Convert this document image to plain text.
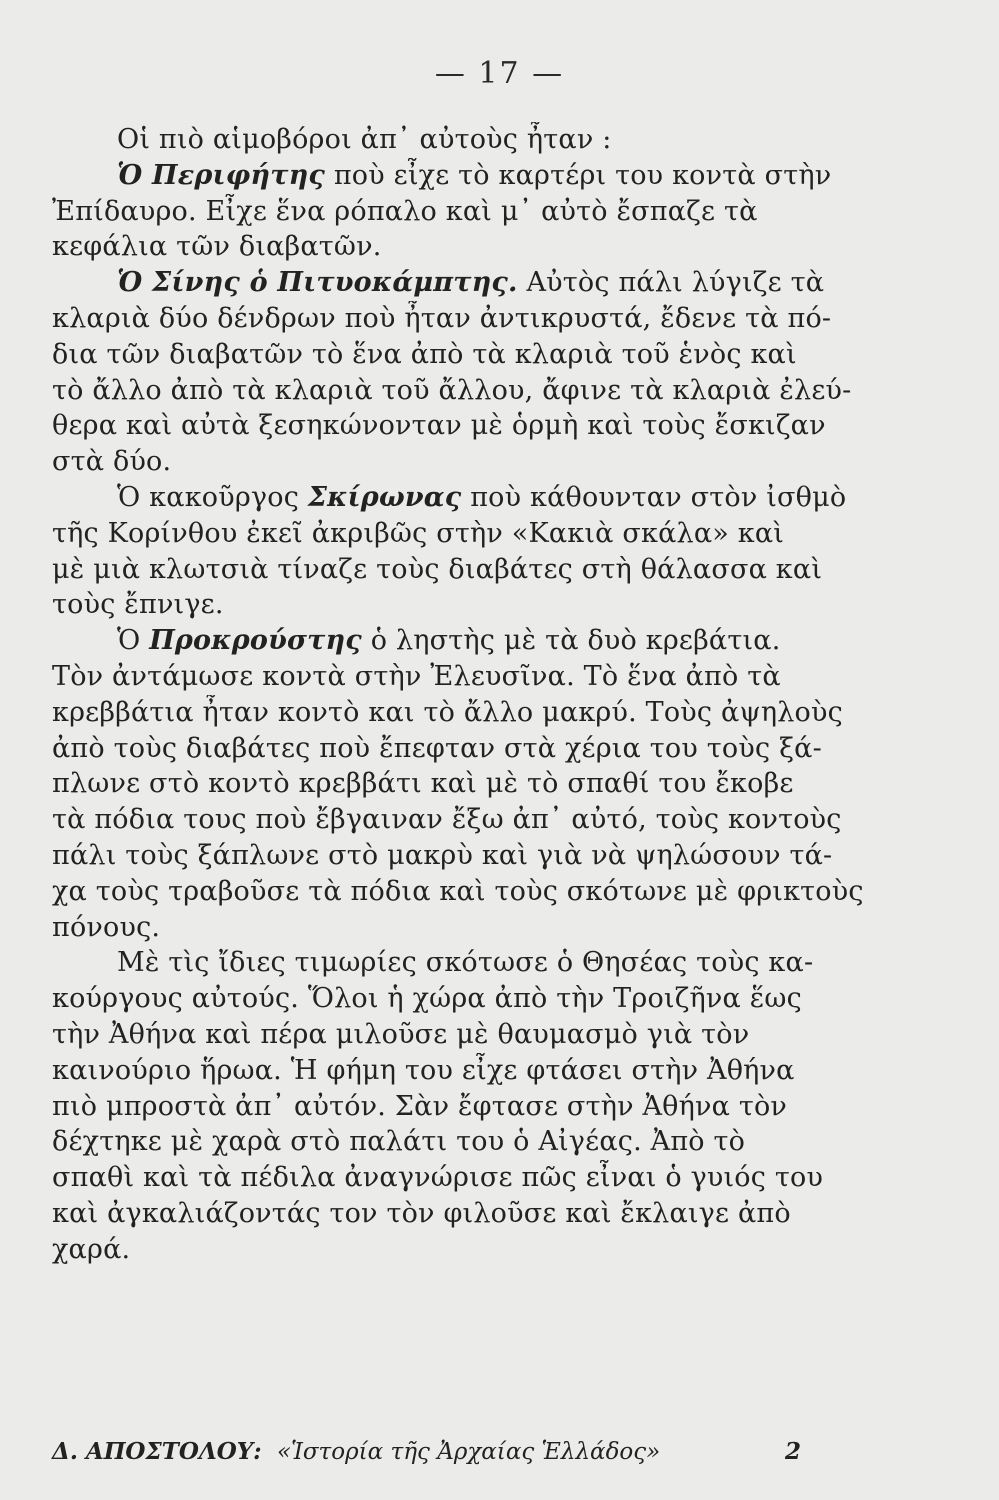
— 17 —
Οἱ πιὸ αἱμοβόροι ἀπ᾽ αὐτοὺς ἦταν :
Ὁ Περιφήτης ποὺ εἶχε τὸ καρτέρι του κοντὰ στὴν
Ἐπίδαυρο. Εἶχε ἕνα ρόπαλο καὶ μ᾽ αὐτὸ ἔσπαζε τὰ
κεφάλια τῶν διαβατῶν.
Ὁ Σίνης ὁ Πιτυοκάμπτης. Αὐτὸς πάλι λύγιζε τὰ
κλαριὰ δύο δένδρων ποὺ ἦταν ἀντικρυστά, ἔδενε τὰ πό-
δια τῶν διαβατῶν τὸ ἕνα ἀπὸ τὰ κλαριὰ τοῦ ἑνὸς καὶ
τὸ ἄλλο ἀπὸ τὰ κλαριὰ τοῦ ἄλλου, ἄφινε τὰ κλαριὰ ἐλεύ-
θερα καὶ αὐτὰ ξεσηκώνονταν μὲ ὁρμὴ καὶ τοὺς ἔσκιζαν
στὰ δύο.
Ὁ κακοῦργος Σκίρωνας ποὺ κάθουνταν στὸν ἰσθμὸ
τῆς Κορίνθου ἐκεῖ ἀκριβῶς στὴν «Κακιὰ σκάλα» καὶ
μὲ μιὰ κλωτσιὰ τίναζε τοὺς διαβάτες στὴ θάλασσα καὶ
τοὺς ἔπνιγε.
Ὁ Προκρούστης ὁ ληστὴς μὲ τὰ δυὸ κρεβάτια.
Τὸν ἀντάμωσε κοντὰ στὴν Ἐλευσῖνα. Τὸ ἕνα ἀπὸ τὰ
κρεββάτια ἦταν κοντὸ και τὸ ἄλλο μακρύ. Τοὺς ἀψηλοὺς
ἀπὸ τοὺς διαβάτες ποὺ ἔπεφταν στὰ χέρια του τοὺς ξά-
πλωνε στὸ κοντὸ κρεββάτι καὶ μὲ τὸ σπαθί του ἔκοβε
τὰ πόδια τους ποὺ ἔβγαιναν ἔξω ἀπ᾽ αὐτό, τοὺς κοντοὺς
πάλι τοὺς ξάπλωνε στὸ μακρὺ καὶ γιὰ νὰ ψηλώσουν τά-
χα τοὺς τραβοῦσε τὰ πόδια καὶ τοὺς σκότωνε μὲ φρικτοὺς
πόνους.
Μὲ τὶς ἴδιες τιμωρίες σκότωσε ὁ Θησέας τοὺς κα-
κούργους αὐτούς. Ὅλοι ἡ χώρα ἀπὸ τὴν Τροιζῆνα ἕως
τὴν Ἀθήνα καὶ πέρα μιλοῦσε μὲ θαυμασμὸ γιὰ τὸν
καινούριο ἥρωα. Ἡ φήμη του εἶχε φτάσει στὴν Ἀθήνα
πιὸ μπροστὰ ἀπ᾽ αὐτόν. Σὰν ἔφτασε στὴν Ἀθήνα τὸν
δέχτηκε μὲ χαρὰ στὸ παλάτι του ὁ Αἰγέας. Ἀπὸ τὸ
σπαθὶ καὶ τὰ πέδιλα ἀναγνώρισε πῶς εἶναι ὁ γυιός του
καὶ ἀγκαλιάζοντάς τον τὸν φιλοῦσε καὶ ἔκλαιγε ἀπὸ
χαρά.
Δ. ΑΠΟΣΤΟΛΟΥ: «Ἱστορία τῆς Ἀρχαίας Ἑλλάδος»	2
